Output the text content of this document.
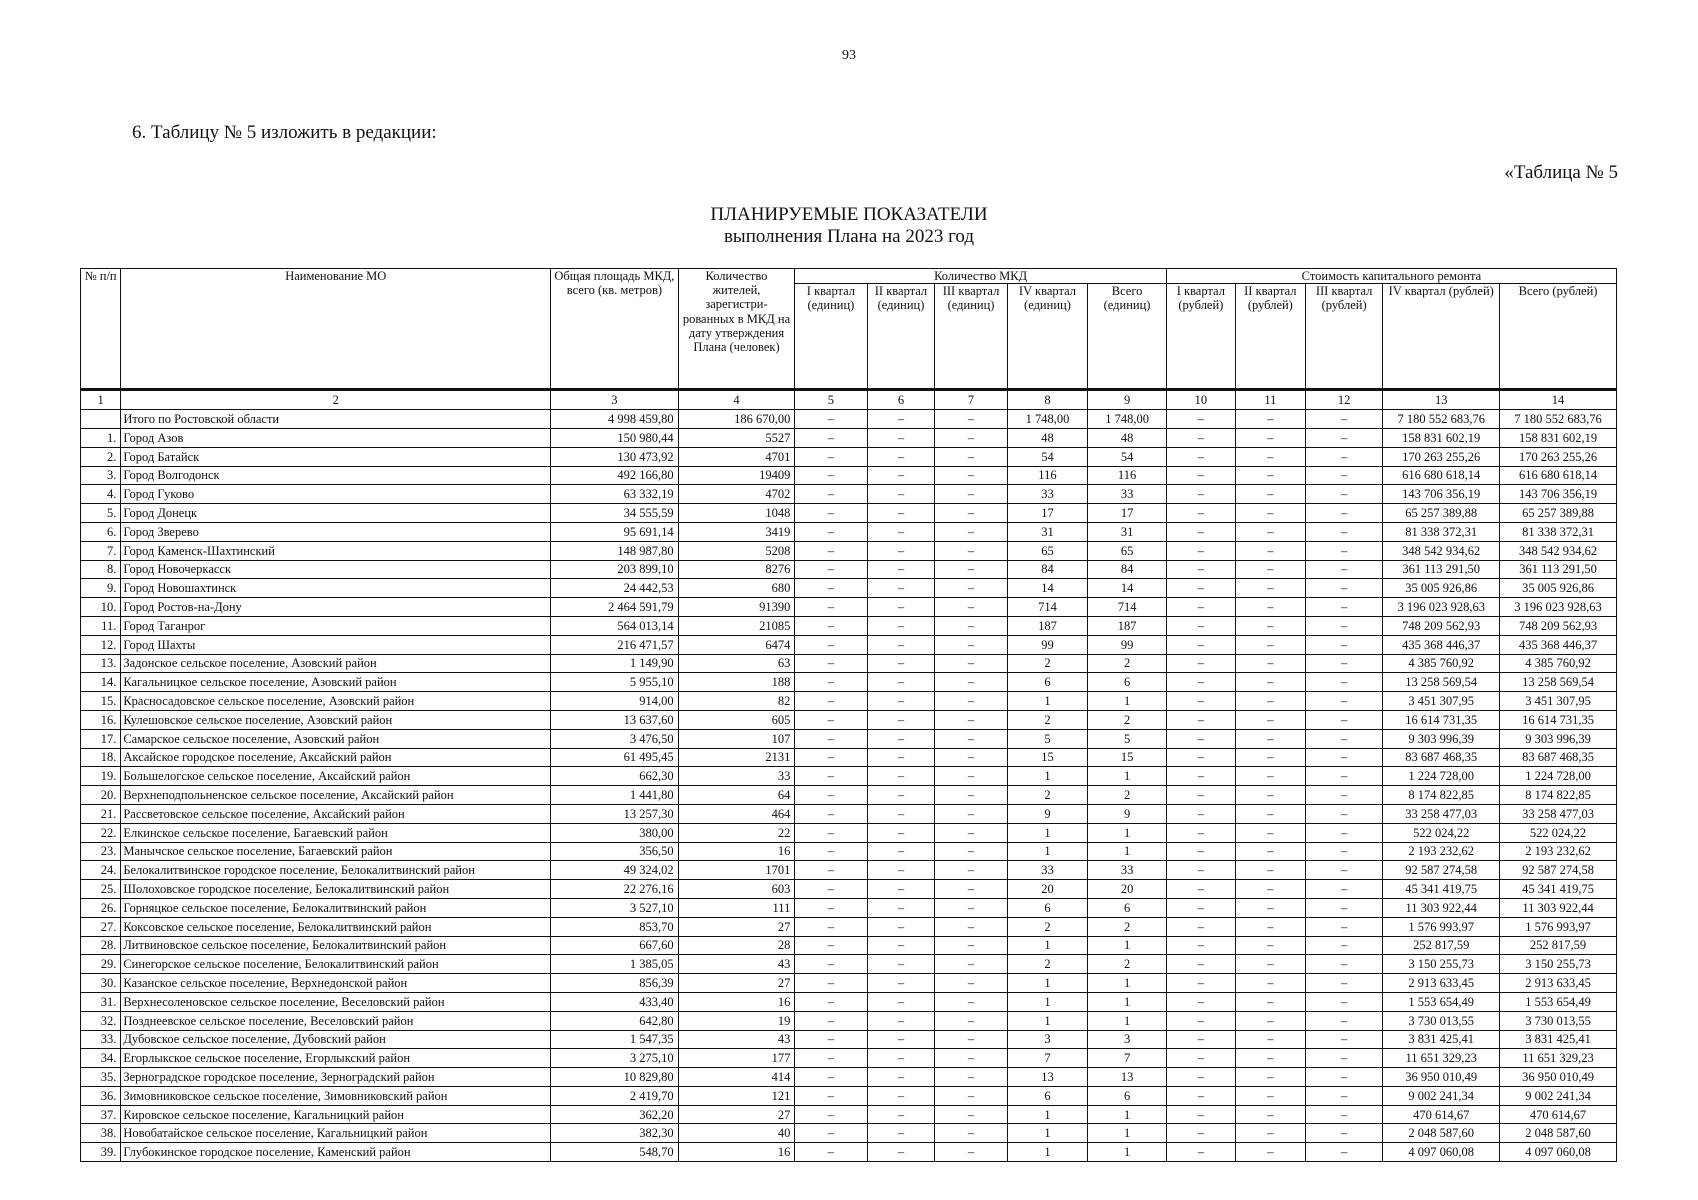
93
6. Таблицу № 5 изложить в редакции:
«Таблица № 5
ПЛАНИРУЕМЫЕ ПОКАЗАТЕЛИ
выполнения Плана на 2023 год
№ п/п	Наименование МО	Общая площадь МКД, всего (кв. метров)	Количество жителей, зарегистри-рованных в МКД на дату утверждения Плана (человек)	Количество МКД					Стоимость капитального ремонта				
				I квартал (единиц)	II квартал (единиц)	III квартал (единиц)	IV квартал (единиц)	Всего (единиц)	I квартал (рублей)	II квартал (рублей)	III квартал (рублей)	IV квартал (рублей)	Всего (рублей)
1	2	3	4	5	6	7	8	9	10	11	12	13	14
	Итого по Ростовской области	4 998 459,80	186 670,00	–	–	–	1 748,00	1 748,00	–	–	–	7 180 552 683,76	7 180 552 683,76
1.	Город Азов	150 980,44	5527	–	–	–	48	48	–	–	–	158 831 602,19	158 831 602,19
2.	Город Батайск	130 473,92	4701	–	–	–	54	54	–	–	–	170 263 255,26	170 263 255,26
3.	Город Волгодонск	492 166,80	19409	–	–	–	116	116	–	–	–	616 680 618,14	616 680 618,14
4.	Город Гуково	63 332,19	4702	–	–	–	33	33	–	–	–	143 706 356,19	143 706 356,19
5.	Город Донецк	34 555,59	1048	–	–	–	17	17	–	–	–	65 257 389,88	65 257 389,88
6.	Город Зверево	95 691,14	3419	–	–	–	31	31	–	–	–	81 338 372,31	81 338 372,31
7.	Город Каменск-Шахтинский	148 987,80	5208	–	–	–	65	65	–	–	–	348 542 934,62	348 542 934,62
8.	Город Новочеркасск	203 899,10	8276	–	–	–	84	84	–	–	–	361 113 291,50	361 113 291,50
9.	Город Новошахтинск	24 442,53	680	–	–	–	14	14	–	–	–	35 005 926,86	35 005 926,86
10.	Город Ростов-на-Дону	2 464 591,79	91390	–	–	–	714	714	–	–	–	3 196 023 928,63	3 196 023 928,63
11.	Город Таганрог	564 013,14	21085	–	–	–	187	187	–	–	–	748 209 562,93	748 209 562,93
12.	Город Шахты	216 471,57	6474	–	–	–	99	99	–	–	–	435 368 446,37	435 368 446,37
13.	Задонское сельское поселение, Азовский район	1 149,90	63	–	–	–	2	2	–	–	–	4 385 760,92	4 385 760,92
14.	Кагальницкое сельское поселение, Азовский район	5 955,10	188	–	–	–	6	6	–	–	–	13 258 569,54	13 258 569,54
15.	Красносадовское сельское поселение, Азовский район	914,00	82	–	–	–	1	1	–	–	–	3 451 307,95	3 451 307,95
16.	Кулешовское сельское поселение, Азовский район	13 637,60	605	–	–	–	2	2	–	–	–	16 614 731,35	16 614 731,35
17.	Самарское сельское поселение, Азовский район	3 476,50	107	–	–	–	5	5	–	–	–	9 303 996,39	9 303 996,39
18.	Аксайское городское поселение, Аксайский район	61 495,45	2131	–	–	–	15	15	–	–	–	83 687 468,35	83 687 468,35
19.	Большелогское сельское поселение, Аксайский район	662,30	33	–	–	–	1	1	–	–	–	1 224 728,00	1 224 728,00
20.	Верхнеподпольненское сельское поселение, Аксайский район	1 441,80	64	–	–	–	2	2	–	–	–	8 174 822,85	8 174 822,85
21.	Рассветовское сельское поселение, Аксайский район	13 257,30	464	–	–	–	9	9	–	–	–	33 258 477,03	33 258 477,03
22.	Елкинское сельское поселение, Багаевский район	380,00	22	–	–	–	1	1	–	–	–	522 024,22	522 024,22
23.	Манычское сельское поселение, Багаевский район	356,50	16	–	–	–	1	1	–	–	–	2 193 232,62	2 193 232,62
24.	Белокалитвинское городское поселение, Белокалитвинский район	49 324,02	1701	–	–	–	33	33	–	–	–	92 587 274,58	92 587 274,58
25.	Шолоховское городское поселение, Белокалитвинский район	22 276,16	603	–	–	–	20	20	–	–	–	45 341 419,75	45 341 419,75
26.	Горняцкое сельское поселение, Белокалитвинский район	3 527,10	111	–	–	–	6	6	–	–	–	11 303 922,44	11 303 922,44
27.	Коксовское сельское поселение, Белокалитвинский район	853,70	27	–	–	–	2	2	–	–	–	1 576 993,97	1 576 993,97
28.	Литвиновское сельское поселение, Белокалитвинский район	667,60	28	–	–	–	1	1	–	–	–	252 817,59	252 817,59
29.	Синегорское сельское поселение, Белокалитвинский район	1 385,05	43	–	–	–	2	2	–	–	–	3 150 255,73	3 150 255,73
30.	Казанское сельское поселение, Верхнедонской район	856,39	27	–	–	–	1	1	–	–	–	2 913 633,45	2 913 633,45
31.	Верхнесоленовское сельское поселение, Веселовский район	433,40	16	–	–	–	1	1	–	–	–	1 553 654,49	1 553 654,49
32.	Позднеевское сельское поселение, Веселовский район	642,80	19	–	–	–	1	1	–	–	–	3 730 013,55	3 730 013,55
33.	Дубовское сельское поселение, Дубовский район	1 547,35	43	–	–	–	3	3	–	–	–	3 831 425,41	3 831 425,41
34.	Егорлыкское сельское поселение, Егорлыкский район	3 275,10	177	–	–	–	7	7	–	–	–	11 651 329,23	11 651 329,23
35.	Зерноградское городское поселение, Зерноградский район	10 829,80	414	–	–	–	13	13	–	–	–	36 950 010,49	36 950 010,49
36.	Зимовниковское сельское поселение, Зимовниковский район	2 419,70	121	–	–	–	6	6	–	–	–	9 002 241,34	9 002 241,34
37.	Кировское сельское поселение, Кагальницкий район	362,20	27	–	–	–	1	1	–	–	–	470 614,67	470 614,67
38.	Новобатайское сельское поселение, Кагальницкий район	382,30	40	–	–	–	1	1	–	–	–	2 048 587,60	2 048 587,60
39.	Глубокинское городское поселение, Каменский район	548,70	16	–	–	–	1	1	–	–	–	4 097 060,08	4 097 060,08
